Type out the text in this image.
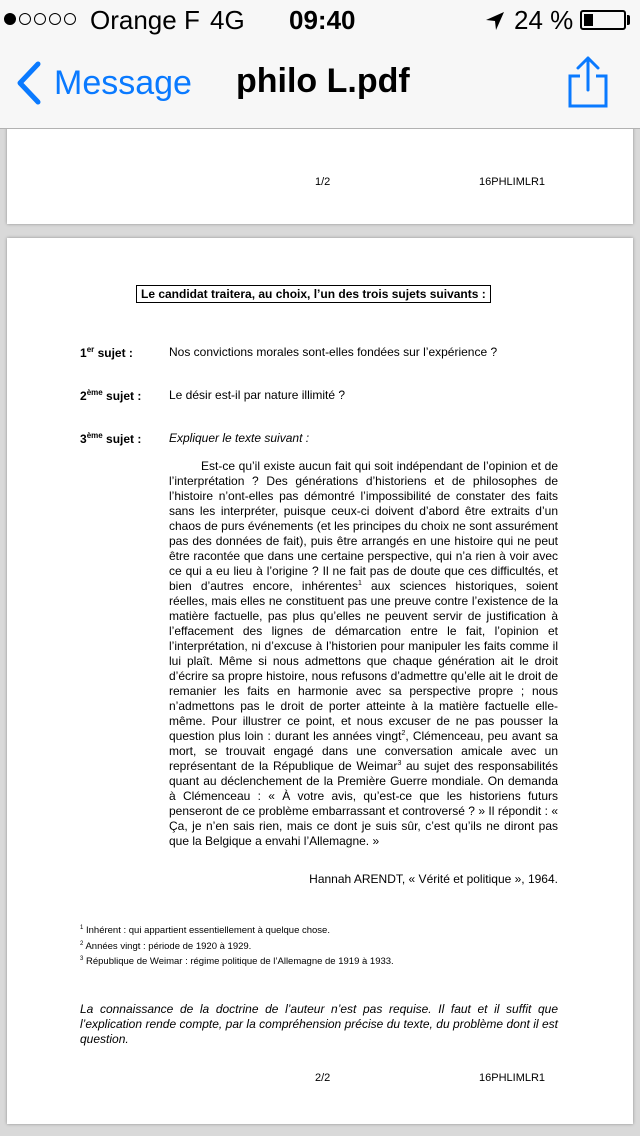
Orange F 4G 09:40	24 %
Message philo L.pdf
1/2	16PHLIMLR1
Le candidat traitera, au choix, l’un des trois sujets suivants :
1er sujet :	Nos convictions morales sont-elles fondées sur l’expérience ?
2ème sujet : Le désir est-il par nature illimité ?
3ème sujet : Expliquer le texte suivant :
Est-ce qu’il existe aucun fait qui soit indépendant de l’opinion et de l’interprétation ? Des générations d’historiens et de philosophes de l’histoire n’ont-elles pas démontré l’impossibilité de constater des faits sans les interpréter, puisque ceux-ci doivent d’abord être extraits d’un chaos de purs événements (et les principes du choix ne sont assurément pas des données de fait), puis être arrangés en une histoire qui ne peut être racontée que dans une certaine perspective, qui n’a rien à voir avec ce qui a eu lieu à l’origine ? Il ne fait pas de doute que ces difficultés, et bien d’autres encore, inhérentes$^1$ aux sciences historiques, soient réelles, mais elles ne constituent pas une preuve contre l’existence de la matière factuelle, pas plus qu’elles ne peuvent servir de justification à l’effacement des lignes de démarcation entre le fait, l’opinion et l’interprétation, ni d’excuse à l’historien pour manipuler les faits comme il lui plaît. Même si nous admettons que chaque génération ait le droit d’écrire sa propre histoire, nous refusons d’admettre qu’elle ait le droit de remanier les faits en harmonie avec sa perspective propre ; nous n’admettons pas le droit de porter atteinte à la matière factuelle elle-même. Pour illustrer ce point, et nous excuser de ne pas pousser la question plus loin : durant les années vingt$^2$, Clémenceau, peu avant sa mort, se trouvait engagé dans une conversation amicale avec un représentant de la République de Weimar$^3$ au sujet des responsabilités quant au déclenchement de la Première Guerre mondiale. On demanda à Clémenceau : « À votre avis, qu’est-ce que les historiens futurs penseront de ce problème embarrassant et controversé ? » Il répondit : « Ça, je n’en sais rien, mais ce dont je suis sûr, c’est qu’ils ne diront pas que la Belgique a envahi l’Allemagne. »
Hannah ARENDT, « Vérité et politique », 1964.
$^1$ Inhérent : qui appartient essentiellement à quelque chose.
$^2$ Années vingt : période de 1920 à 1929.
$^3$ République de Weimar : régime politique de l’Allemagne de 1919 à 1933.
La connaissance de la doctrine de l’auteur n’est pas requise. Il faut et il suffit que l’explication rende compte, par la compréhension précise du texte, du problème dont il est question.
2/2	16PHLIMLR1
